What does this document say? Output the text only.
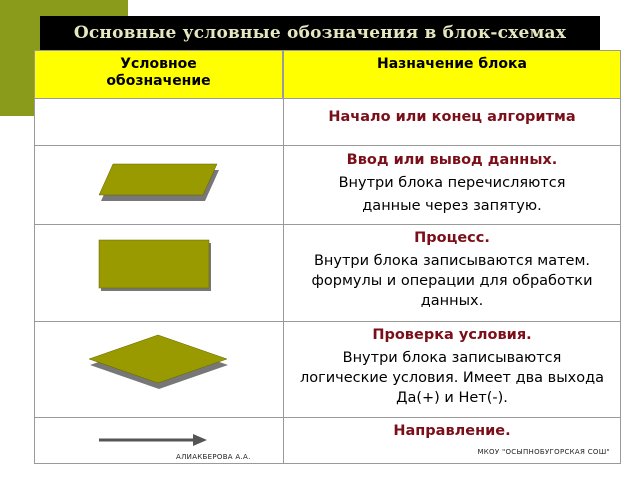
Основные условные обозначения в блок-схемах
Условное обозначение
Назначение блока
Начало или конец алгоритма
Ввод или вывод данных.
Внутри блока перечисляются данные через запятую.
Процесс.
Внутри блока записываются матем. формулы и операции для обработки данных.
Проверка условия.
Внутри блока записываются логические условия. Имеет два выхода Да(+) и Нет(-).
Направление.
АЛИАКБЕРОВА А.А.
МКОУ "ОСЫПНОБУГОРСКАЯ СОШ"
